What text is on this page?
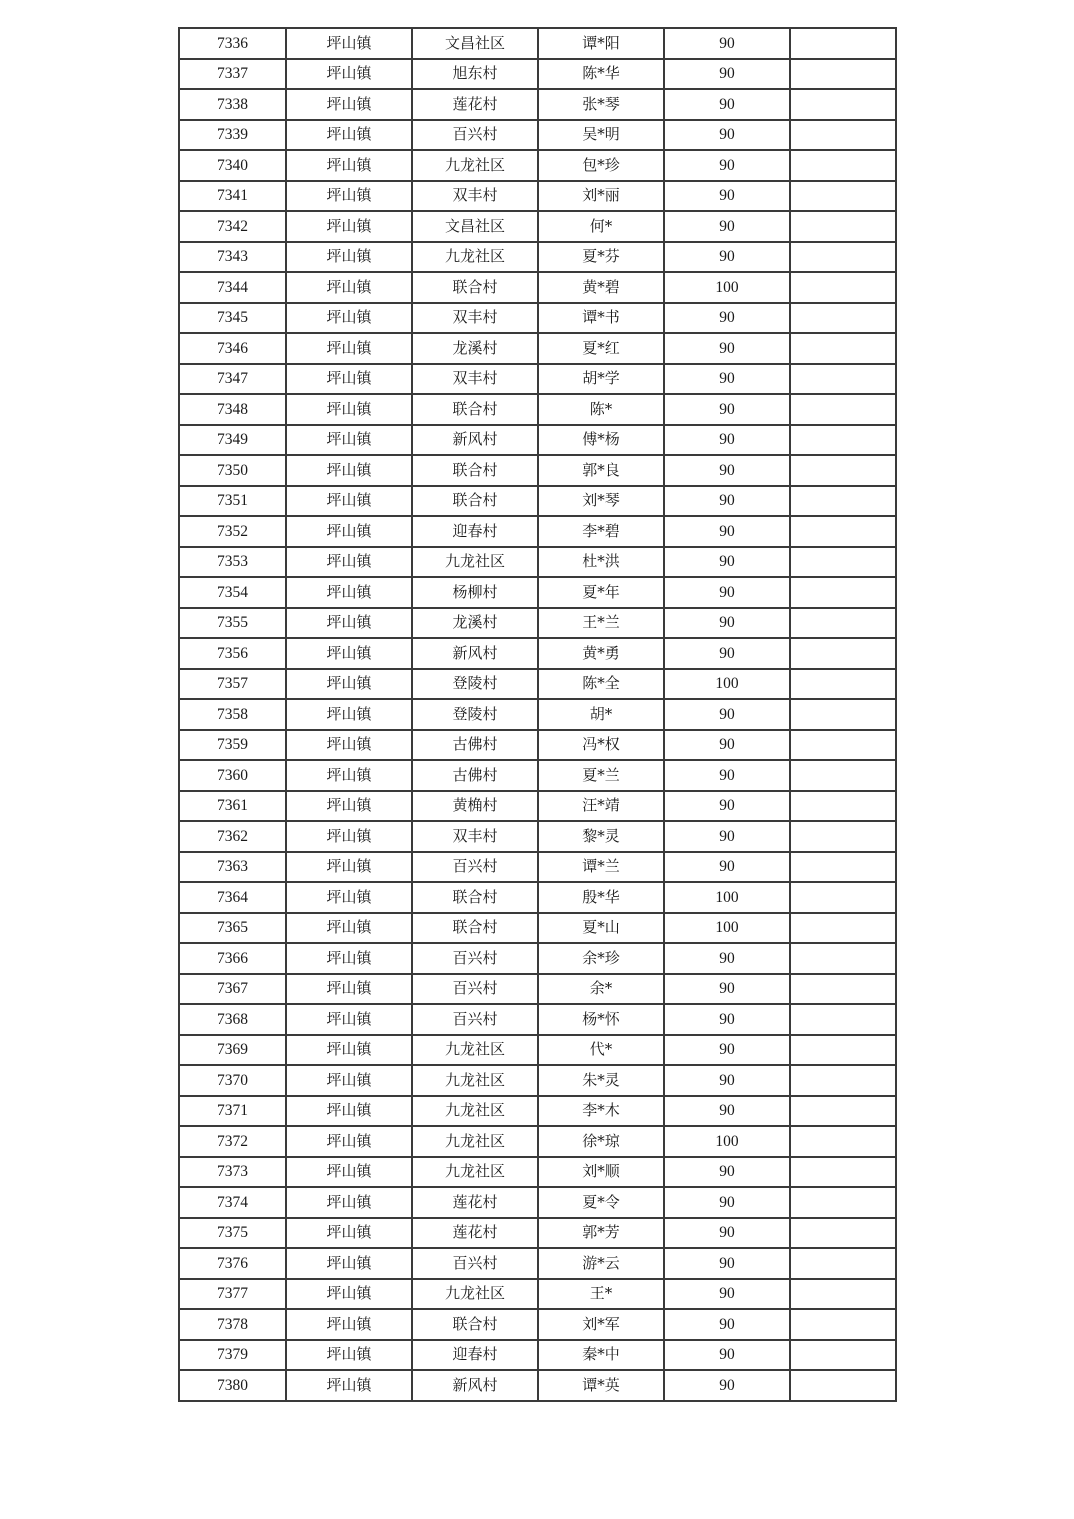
7336	坪山镇	文昌社区	谭*阳	90	
7337	坪山镇	旭东村	陈*华	90	
7338	坪山镇	莲花村	张*琴	90	
7339	坪山镇	百兴村	吴*明	90	
7340	坪山镇	九龙社区	包*珍	90	
7341	坪山镇	双丰村	刘*丽	90	
7342	坪山镇	文昌社区	何*	90	
7343	坪山镇	九龙社区	夏*芬	90	
7344	坪山镇	联合村	黄*碧	100	
7345	坪山镇	双丰村	谭*书	90	
7346	坪山镇	龙溪村	夏*红	90	
7347	坪山镇	双丰村	胡*学	90	
7348	坪山镇	联合村	陈*	90	
7349	坪山镇	新风村	傅*杨	90	
7350	坪山镇	联合村	郭*良	90	
7351	坪山镇	联合村	刘*琴	90	
7352	坪山镇	迎春村	李*碧	90	
7353	坪山镇	九龙社区	杜*洪	90	
7354	坪山镇	杨柳村	夏*年	90	
7355	坪山镇	龙溪村	王*兰	90	
7356	坪山镇	新风村	黄*勇	90	
7357	坪山镇	登陵村	陈*全	100	
7358	坪山镇	登陵村	胡*	90	
7359	坪山镇	古佛村	冯*权	90	
7360	坪山镇	古佛村	夏*兰	90	
7361	坪山镇	黄桷村	汪*靖	90	
7362	坪山镇	双丰村	黎*灵	90	
7363	坪山镇	百兴村	谭*兰	90	
7364	坪山镇	联合村	殷*华	100	
7365	坪山镇	联合村	夏*山	100	
7366	坪山镇	百兴村	余*珍	90	
7367	坪山镇	百兴村	余*	90	
7368	坪山镇	百兴村	杨*怀	90	
7369	坪山镇	九龙社区	代*	90	
7370	坪山镇	九龙社区	朱*灵	90	
7371	坪山镇	九龙社区	李*木	90	
7372	坪山镇	九龙社区	徐*琼	100	
7373	坪山镇	九龙社区	刘*顺	90	
7374	坪山镇	莲花村	夏*令	90	
7375	坪山镇	莲花村	郭*芳	90	
7376	坪山镇	百兴村	游*云	90	
7377	坪山镇	九龙社区	王*	90	
7378	坪山镇	联合村	刘*军	90	
7379	坪山镇	迎春村	秦*中	90	
7380	坪山镇	新风村	谭*英	90	
